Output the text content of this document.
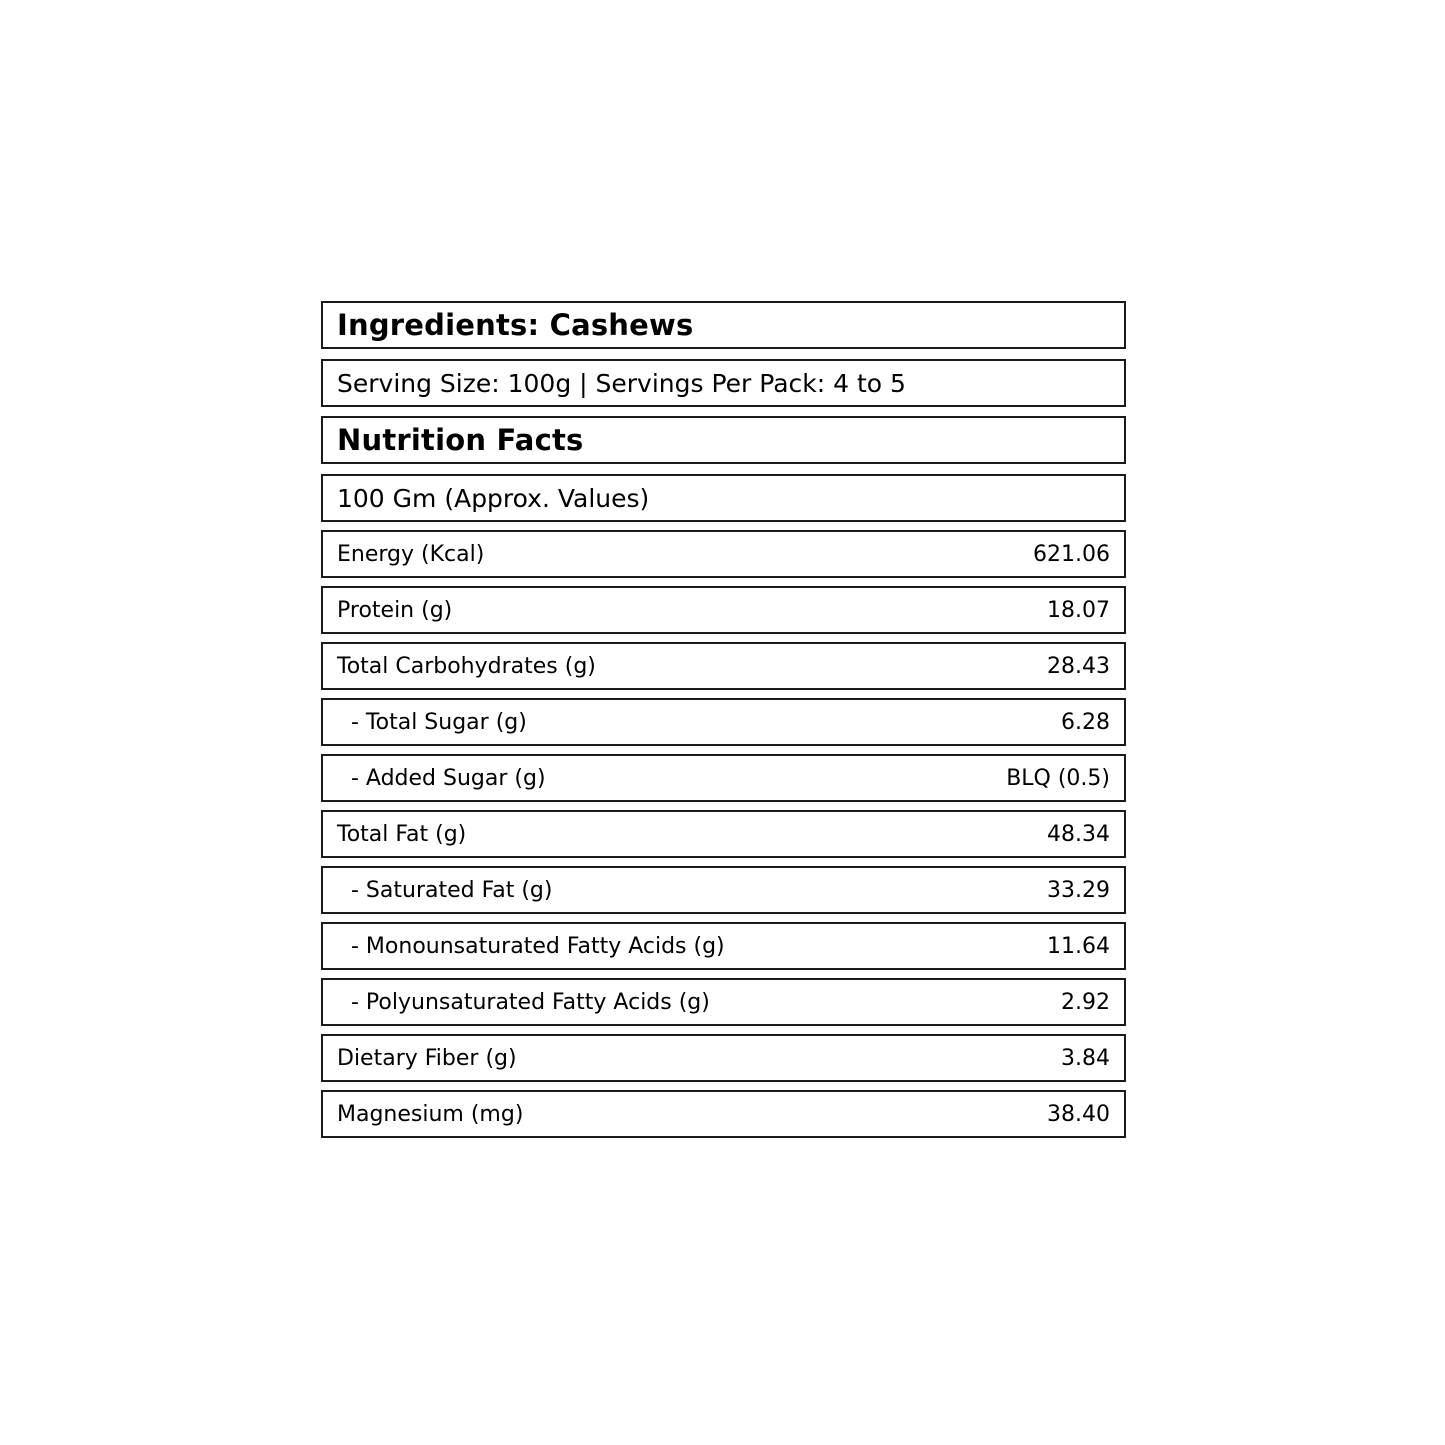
Ingredients: Cashews
Serving Size: 100g | Servings Per Pack: 4 to 5
Nutrition Facts
100 Gm (Approx. Values)
Energy (Kcal)	621.06
Protein (g)	18.07
Total Carbohydrates (g)	28.43
- Total Sugar (g)	6.28
- Added Sugar (g)	BLQ (0.5)
Total Fat (g)	48.34
- Saturated Fat (g)	33.29
- Monounsaturated Fatty Acids (g)	11.64
- Polyunsaturated Fatty Acids (g)	2.92
Dietary Fiber (g)	3.84
Magnesium (mg)	38.40
